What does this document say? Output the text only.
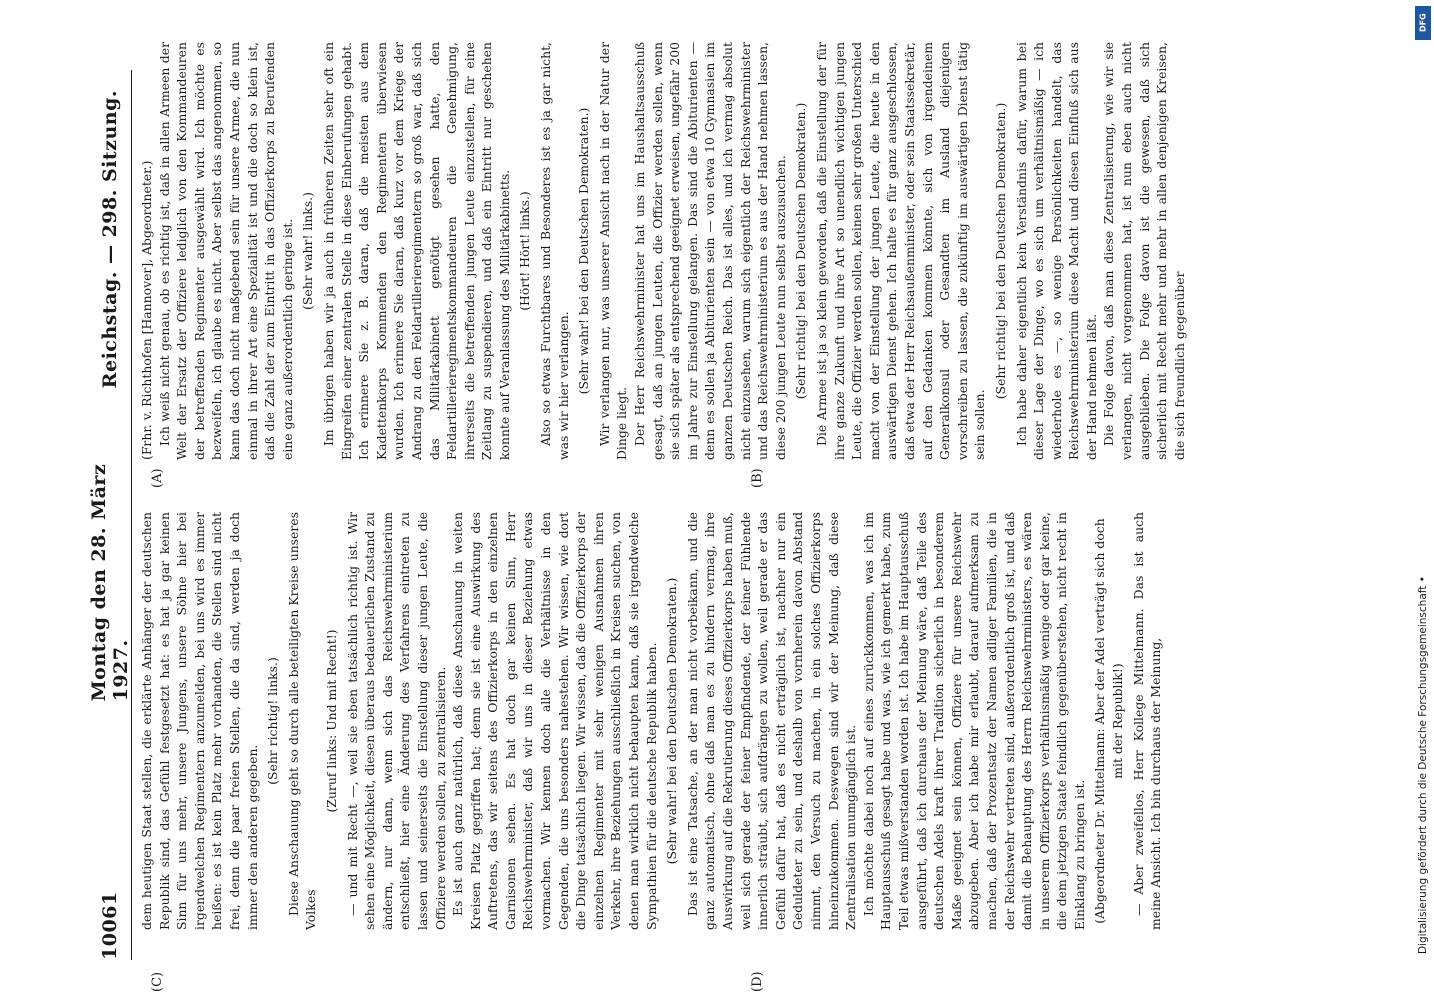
10061
Montag den 28. März 1927.
Reichstag. — 298. Sitzung.

dem heutigen Staat stellen, die erklärte Anhänger der deutschen Republik sind, das Gefühl festgesetzt hat: es hat ja gar keinen Sinn für uns mehr, unsere Jungens, unsere Söhne hier bei irgendwelchen Regimentern anzumelden, bei uns wird es immer heißen: es ist kein Platz mehr vorhanden, die Stellen sind nicht frei, denn die paar freien Stellen, die da sind, werden ja doch immer den anderen gegeben.

(Sehr richtig! links.) Diese Anschauung geht so durch alle beteiligten Kreise unseres Volkes

(Zuruf links: Und mit Recht!) — und mit Recht —, weil sie eben tatsächlich richtig ist. Wir sehen eine Möglichkeit, diesen überaus bedauerlichen Zustand zu ändern, nur dann, wenn sich das Reichswehrministerium entschließt, hier eine Änderung des Verfahrens eintreten zu lassen und seinerseits die Einstellung dieser jungen Leute, die Offiziere werden sollen, zu zentralisieren. Es ist auch ganz natürlich, daß diese Anschauung in weiten Kreisen Platz gegriffen hat; denn sie ist eine Auswirkung des Auftretens, das wir seitens des Offizierkorps in den einzelnen Garnisonen sehen. Es hat doch gar keinen Sinn, Herr Reichswehrminister, daß wir uns in dieser Beziehung etwas vormachen. Wir kennen doch alle die Verhältnisse in den Gegenden, die uns besonders nahestehen. Wir wissen, wie dort die Dinge tatsächlich liegen. Wir wissen, daß die Offizierkorps der einzelnen Regimenter mit sehr wenigen Ausnahmen ihren Verkehr, ihre Beziehungen ausschließlich in Kreisen suchen, von denen man wirklich nicht behaupten kann, daß sie irgendwelche Sympathien für die deutsche Republik haben. (Sehr wahr! bei den Deutschen Demokraten.) Das ist eine Tatsache, an der man nicht vorbeikann, und die ganz automatisch, ohne daß man es zu hindern vermag, ihre Auswirkung auf die Rekrutierung dieses Offizierkorps haben muß, weil sich gerade der feiner Empfindende, der feiner Fühlende innerlich sträubt, sich aufdrängen zu wollen, weil gerade er das Gefühl dafür hat, daß es nicht erträglich ist, nachher nur ein Geduldeter zu sein, und deshalb von vornherein davon Abstand nimmt, den Versuch zu machen, in ein solches Offizierkorps hineinzukommen. Deswegen sind wir der Meinung, daß diese Zentralisation unumgänglich ist. Ich möchte dabei noch auf eines zurückkommen, was ich im Hauptausschuß gesagt habe und was, wie ich gemerkt habe, zum Teil etwas mißverstanden worden ist. Ich habe im Hauptausschuß ausgeführt, daß ich durchaus der Meinung wäre, daß Teile des deutschen Adels kraft ihrer Tradition sicherlich in besonderem Maße geeignet sein können, Offiziere für unsere Reichswehr abzugeben. Aber ich habe mir erlaubt, darauf aufmerksam zu machen, daß der Prozentsatz der Namen adliger Familien, die in der Reichswehr vertreten sind, außerordentlich groß ist, und daß damit die Behauptung des Herrn Reichswehrministers, es wären in unserem Offizierkorps verhältnismäßig wenige oder gar keine, die dem jetzigen Staate feindlich gegenüberstehen, nicht recht in Einklang zu bringen ist. (Abgeordneter Dr. Mittelmann: Aber der Adel verträgt sich doch mit der Republik!) — Aber zweifellos, Herr Kollege Mittelmann. Das ist auch meine Ansicht. Ich bin durchaus der Meinung,

(Frhr. v. Richthofen [Hannover], Abgeordneter.) Ich weiß nicht genau, ob es richtig ist, daß in allen Armeen der Welt der Ersatz der Offiziere lediglich von den Kommandeuren der betreffenden Regimenter ausgewählt wird. Ich möchte es bezweifeln, ich glaube es nicht. Aber selbst das angenommen, so kann das doch nicht maßgebend sein für unsere Armee, die nun einmal in ihrer Art eine Spezialität ist und die doch so klein ist, daß die Zahl der zum Eintritt in das Offizierkorps zu Berufenden eine ganz außerordentlich geringe ist. (Sehr wahr! links.) Im übrigen haben wir ja auch in früheren Zeiten sehr oft ein Eingreifen einer zentralen Stelle in diese Einberufungen gehabt. Ich erinnere Sie z. B. daran, daß die meisten aus dem Kadettenkorps Kommenden den Regimentern überwiesen wurden. Ich erinnere Sie daran, daß kurz vor dem Kriege der Andrang zu den Feldartillerieregimentern so groß war, daß sich das Militärkabinett genötigt gesehen hatte, den Feldartillerieregimentskommandeuren die Genehmigung, ihrerseits die betreffenden jungen Leute einzustellen, für eine Zeitlang zu suspendieren, und daß ein Eintritt nur geschehen konnte auf Veranlassung des Militärkabinetts. (Hört! Hört! links.) Also so etwas Furchtbares und Besonderes ist es ja gar nicht, was wir hier verlangen. (Sehr wahr! bei den Deutschen Demokraten.) Wir verlangen nur, was unserer Ansicht nach in der Natur der Dinge liegt. Der Herr Reichswehrminister hat uns im Haushaltsausschuß gesagt, daß an jungen Leuten, die Offizier werden sollen, wenn sie sich später als entsprechend geeignet erweisen, ungefähr 200 im Jahre zur Einstellung gelangen. Das sind die Abiturienten — denn es sollen ja Abiturienten sein — von etwa 10 Gymnasien im ganzen Deutschen Reich. Das ist alles, und ich vermag absolut nicht einzusehen, warum sich eigentlich der Reichswehrminister und das Reichswehrministerium es aus der Hand nehmen lassen, diese 200 jungen Leute nun selbst auszusuchen. (Sehr richtig! bei den Deutschen Demokraten.) Die Armee ist ja so klein geworden, daß die Einstellung der für ihre ganze Zukunft und ihre Art so unendlich wichtigen jungen Leute, die Offizier werden sollen, keinen sehr großen Unterschied macht von der Einstellung der jungen Leute, die heute in den auswärtigen Dienst gehen. Ich halte es für ganz ausgeschlossen, daß etwa der Herr Reichsaußenminister, oder sein Staatssekretär, auf den Gedanken kommen könnte, sich von irgendeinem Generalkonsul oder Gesandten im Ausland diejenigen vorschreiben zu lassen, die zukünftig im auswärtigen Dienst tätig sein sollen.

(Sehr richtig! bei den Deutschen Demokraten.) Ich habe daher eigentlich kein Verständnis dafür, warum bei dieser Lage der Dinge, wo es sich um verhältnismäßig — ich wiederhole es —, so wenige Persönlichkeiten handelt, das Reichswehrministerium diese Macht und diesen Einfluß sich aus der Hand nehmen läßt. Die Folge davon, daß man diese Zentralisierung, wie wir sie verlangen, nicht vorgenommen hat, ist nun eben auch nicht ausgeblieben. Die Folge davon ist die gewesen, daß sich sicherlich mit Recht mehr und mehr in allen denjenigen Kreisen, die sich freundlich gegenüber

(A)	(B)
(C)	(D)
DFG
Digitalisierung gefördert durch die Deutsche Forschungsgemeinschaft •
